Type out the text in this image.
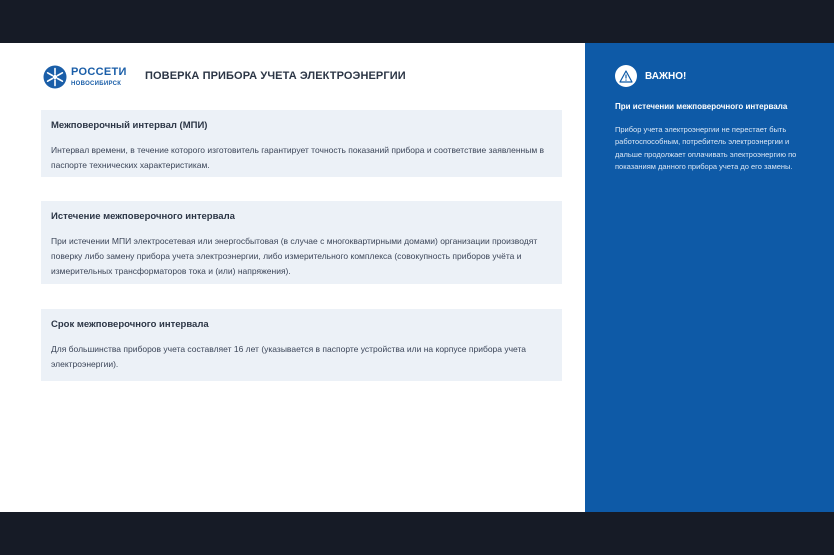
РОССЕТИ
НОВОСИБИРСК
ПОВЕРКА ПРИБОРА УЧЕТА ЭЛЕКТРОЭНЕРГИИ
Межповерочный интервал (МПИ)
Интервал времени, в течение которого изготовитель гарантирует точность показаний прибора и соответствие заявленным в паспорте технических характеристикам.
Истечение межповерочного интервала
При истечении МПИ электросетевая или энергосбытовая (в случае с многоквартирными домами) организации производят поверку либо замену прибора учета электроэнергии, либо измерительного комплекса (совокупность приборов учёта и измерительных трансформаторов тока и (или) напряжения).
Срок межповерочного интервала
Для большинства приборов учета составляет 16 лет (указывается в паспорте устройства или на корпусе прибора учета электроэнергии).
ВАЖНО!
При истечении межповерочного интервала
Прибор учета электроэнергии не перестает быть работоспособным, потребитель электроэнергии и дальше продолжает оплачивать электроэнергию по показаниям данного прибора учета до его замены.
